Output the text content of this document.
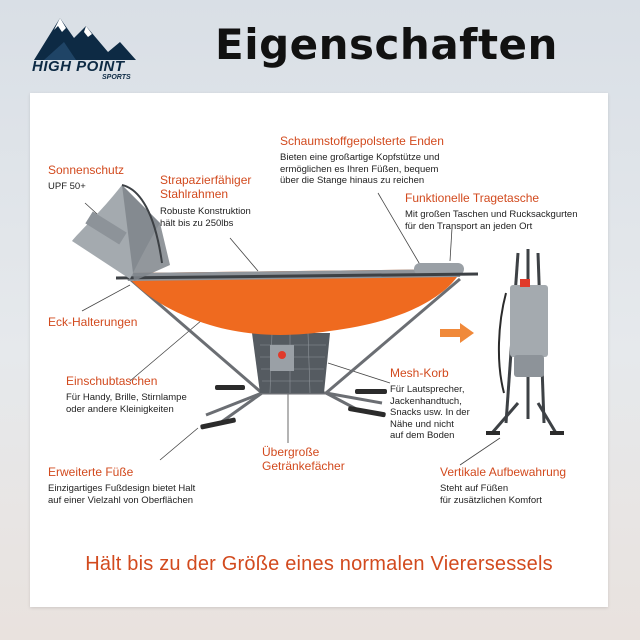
HIGH POINT
SPORTS
Eigenschaften
Sonnenschutz
UPF 50+	Strapazierfähiger
Stahlrahmen
Robuste Konstruktion
hält bis zu 250lbs
Schaumstoffgepolsterte Enden
Bieten eine großartige Kopfstütze und
ermöglichen es Ihren Füßen, bequem
über die Stange hinaus zu reichen
Funktionelle Tragetasche
Mit großen Taschen und Rucksackgurten
für den Transport an jeden Ort
Eck-Halterungen
Einschubtaschen
Für Handy, Brille, Stirnlampe
oder andere Kleinigkeiten
Mesh-Korb
Für Lautsprecher,
Jackenhandtuch,
Snacks usw. In der
Nähe und nicht
auf dem Boden
Erweiterte Füße
Einzigartiges Fußdesign bietet Halt
auf einer Vielzahl von Oberflächen
Übergroße
Getränkefächer	Vertikale Aufbewahrung
Steht auf Füßen
für zusätzlichen Komfort
Hält bis zu der Größe eines normalen Vierersessels
